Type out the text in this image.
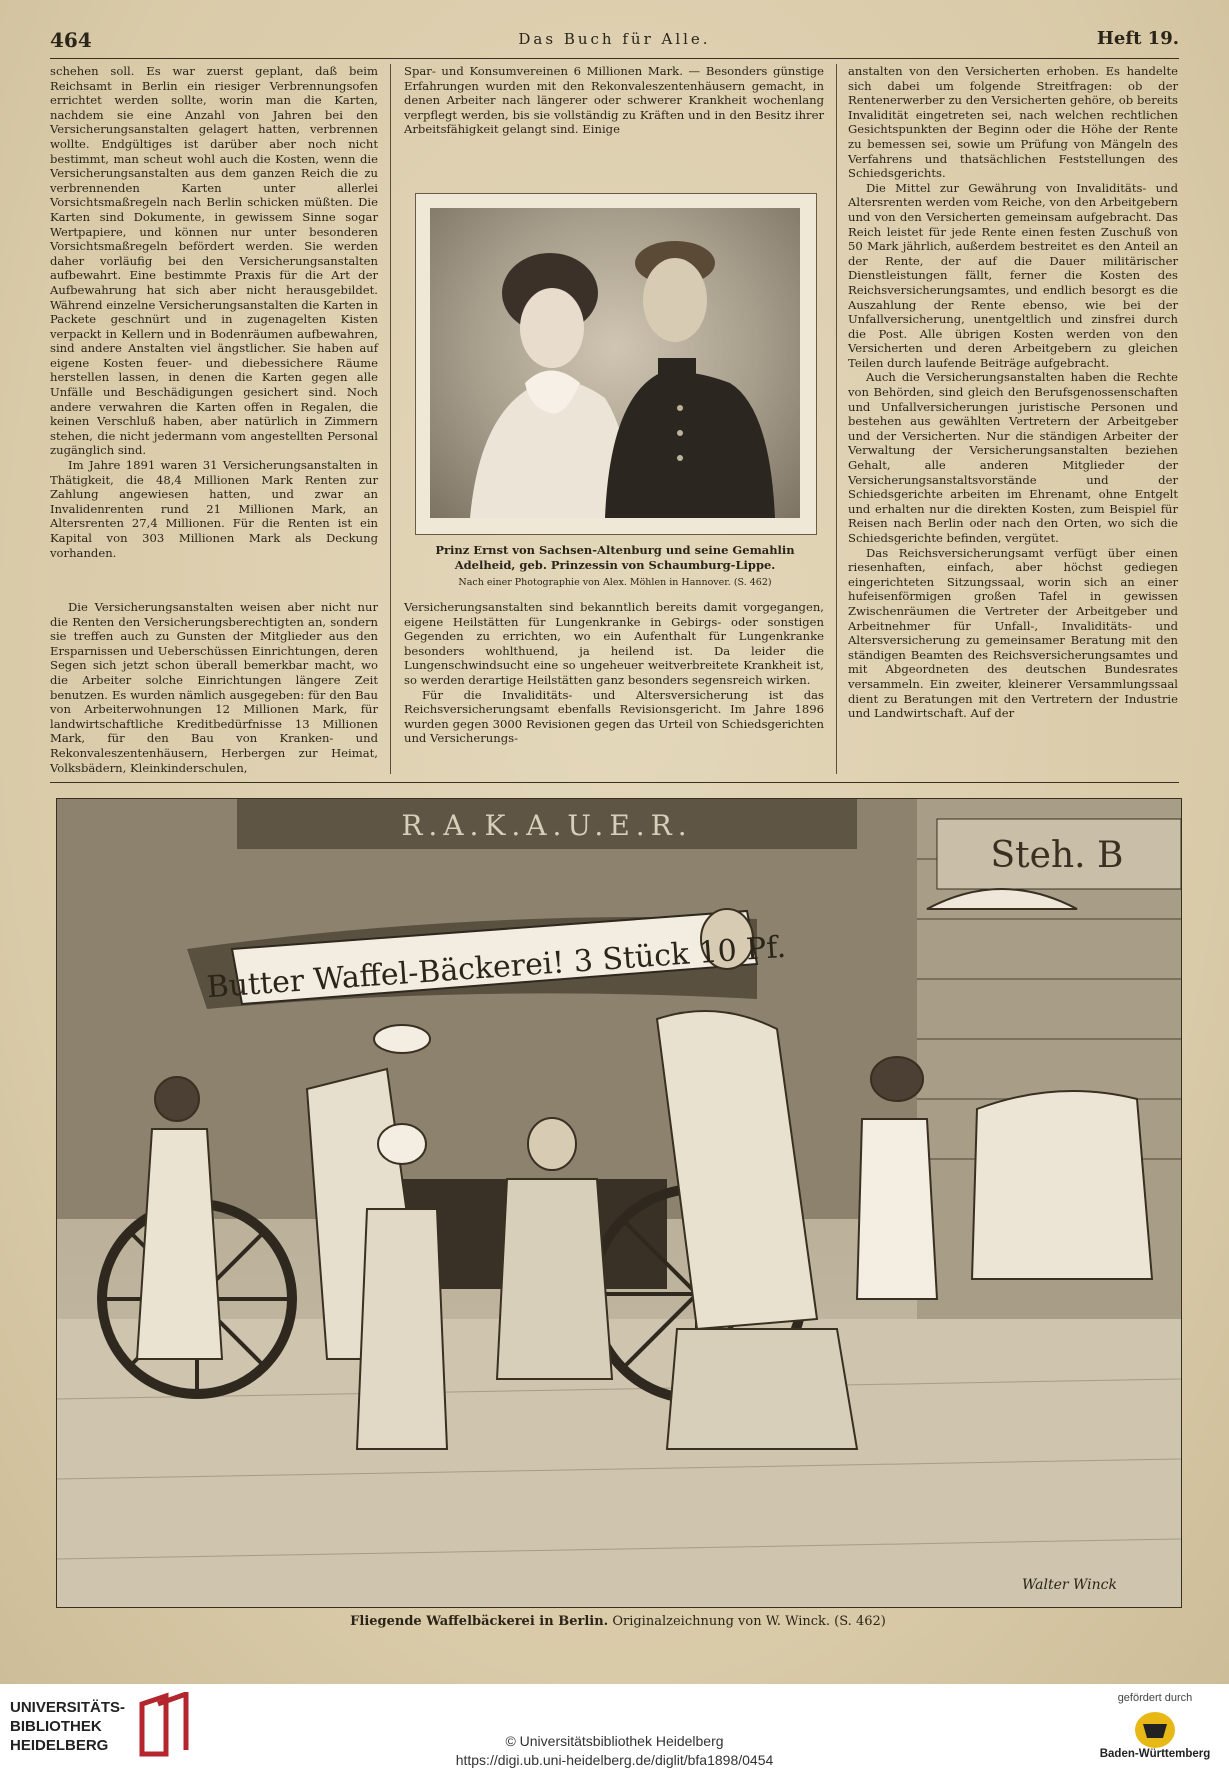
464	Das Buch für Alle.	Heft 19.

schehen soll. Es war zuerst geplant, daß beim Reichsamt in Berlin ein riesiger Verbrennungsofen errichtet werden sollte, worin man die Karten, nachdem sie eine Anzahl von Jahren bei den Versicherungsanstalten gelagert hatten, verbrennen wollte. Endgültiges ist darüber aber noch nicht bestimmt, man scheut wohl auch die Kosten, wenn die Versicherungsanstalten aus dem ganzen Reich die zu verbrennenden Karten unter allerlei Vorsichtsmaßregeln nach Berlin schicken müßten. Die Karten sind Dokumente, in gewissem Sinne sogar Wertpapiere, und können nur unter besonderen Vorsichtsmaßregeln befördert werden. Sie werden daher vorläufig bei den Versicherungsanstalten aufbewahrt. Eine bestimmte Praxis für die Art der Aufbewahrung hat sich aber nicht herausgebildet. Während einzelne Versicherungsanstalten die Karten in Packete geschnürt und in zugenagelten Kisten verpackt in Kellern und in Bodenräumen aufbewahren, sind andere Anstalten viel ängstlicher. Sie haben auf eigene Kosten feuer- und diebessichere Räume herstellen lassen, in denen die Karten gegen alle Unfälle und Beschädigungen gesichert sind. Noch andere verwahren die Karten offen in Regalen, die keinen Verschluß haben, aber natürlich in Zimmern stehen, die nicht jedermann vom angestellten Personal zugänglich sind.

Im Jahre 1891 waren 31 Versicherungsanstalten in Thätigkeit, die 48,4 Millionen Mark Renten zur Zahlung angewiesen hatten, und zwar an Invalidenrenten rund 21 Millionen Mark, an Altersrenten 27,4 Millionen. Für die Renten ist ein Kapital von 303 Millionen Mark als Deckung vorhanden.

Spar- und Konsumvereinen 6 Millionen Mark. — Besonders günstige Erfahrungen wurden mit den Rekonvaleszentenhäusern gemacht, in denen Arbeiter nach längerer oder schwerer Krankheit wochenlang verpflegt werden, bis sie vollständig zu Kräften und in den Besitz ihrer Arbeitsfähigkeit gelangt sind. Einige

anstalten von den Versicherten erhoben. Es handelte sich dabei um folgende Streitfragen: ob der Rentenerwerber zu den Versicherten gehöre, ob bereits Invalidität eingetreten sei, nach welchen rechtlichen Gesichtspunkten der Beginn oder die Höhe der Rente zu bemessen sei, sowie um Prüfung von Mängeln des Verfahrens und thatsächlichen Feststellungen des Schiedsgerichts.

Die Mittel zur Gewährung von Invaliditäts- und Altersrenten werden vom Reiche, von den Arbeitgebern und von den Versicherten gemeinsam aufgebracht. Das Reich leistet für jede Rente einen festen Zuschuß von 50 Mark jährlich, außerdem bestreitet es den Anteil an der Rente, der auf die Dauer militärischer Dienstleistungen fällt, ferner die Kosten des Reichsversicherungsamtes, und endlich besorgt es die Auszahlung der Rente ebenso, wie bei der Unfallversicherung, unentgeltlich und zinsfrei durch die Post. Alle übrigen Kosten werden von den Versicherten und deren Arbeitgebern zu gleichen Teilen durch laufende Beiträge aufgebracht.

Auch die Versicherungsanstalten haben die Rechte von Behörden, sind gleich den Berufsgenossenschaften und Unfallversicherungen juristische Personen und bestehen aus gewählten Vertretern der Arbeitgeber und der Versicherten. Nur die ständigen Arbeiter der Verwaltung der Versicherungsanstalten beziehen Gehalt, alle anderen Mitglieder der Versicherungsanstaltsvorstände und der Schiedsgerichte arbeiten im Ehrenamt, ohne Entgelt und erhalten nur die direkten Kosten, zum Beispiel für Reisen nach Berlin oder nach den Orten, wo sich die Schiedsgerichte befinden, vergütet.

Das Reichsversicherungsamt verfügt über einen riesenhaften, einfach, aber höchst gediegen eingerichteten Sitzungssaal, worin sich an einer hufeisenförmigen großen Tafel in gewissen Zwischenräumen die Vertreter der Arbeitgeber und Arbeitnehmer für Unfall-, Invaliditäts- und Altersversicherung zu gemeinsamer Beratung mit den ständigen Beamten des Reichsversicherungsamtes und mit Abgeordneten des deutschen Bundesrates versammeln. Ein zweiter, kleinerer Versammlungssaal dient zu Beratungen mit den Vertretern der Industrie und Landwirtschaft. Auf der

Prinz Ernst von Sachsen-Altenburg und seine Gemahlin Adelheid, geb. Prinzessin von Schaumburg-Lippe.
Nach einer Photographie von Alex. Möhlen in Hannover. (S. 462)

Die Versicherungsanstalten weisen aber nicht nur die Renten den Versicherungsberechtigten an, sondern sie treffen auch zu Gunsten der Mitglieder aus den Ersparnissen und Ueberschüssen Einrichtungen, deren Segen sich jetzt schon überall bemerkbar macht, wo die Arbeiter solche Einrichtungen längere Zeit benutzen. Es wurden nämlich ausgegeben: für den Bau von Arbeiterwohnungen 12 Millionen Mark, für landwirtschaftliche Kreditbedürfnisse 13 Millionen Mark, für den Bau von Kranken- und Rekonvaleszentenhäusern, Herbergen zur Heimat, Volksbädern, Kleinkinderschulen,

Versicherungsanstalten sind bekanntlich bereits damit vorgegangen, eigene Heilstätten für Lungenkranke in Gebirgs- oder sonstigen Gegenden zu errichten, wo ein Aufenthalt für Lungenkranke besonders wohlthuend, ja heilend ist. Da leider die Lungenschwindsucht eine so ungeheuer weitverbreitete Krankheit ist, so werden derartige Heilstätten ganz besonders segensreich wirken.

Für die Invaliditäts- und Altersversicherung ist das Reichsversicherungsamt ebenfalls Revisionsgericht. Im Jahre 1896 wurden gegen 3000 Revisionen gegen das Urteil von Schiedsgerichten und Versicherungs-

R.A.K.A.U.E.R.
Steh. B
Butter Waffel-Bäckerei! 3 Stück 10 Pf.
Walter Winck
Fliegende Waffelbäckerei in Berlin. Originalzeichnung von W. Winck. (S. 462)
UNIVERSITÄTS-
BIBLIOTHEK
HEIDELBERG	© Universitätsbibliothek Heidelberg
https://digi.ub.uni-heidelberg.de/diglit/bfa1898/0454
gefördert durch
Baden-Württemberg
